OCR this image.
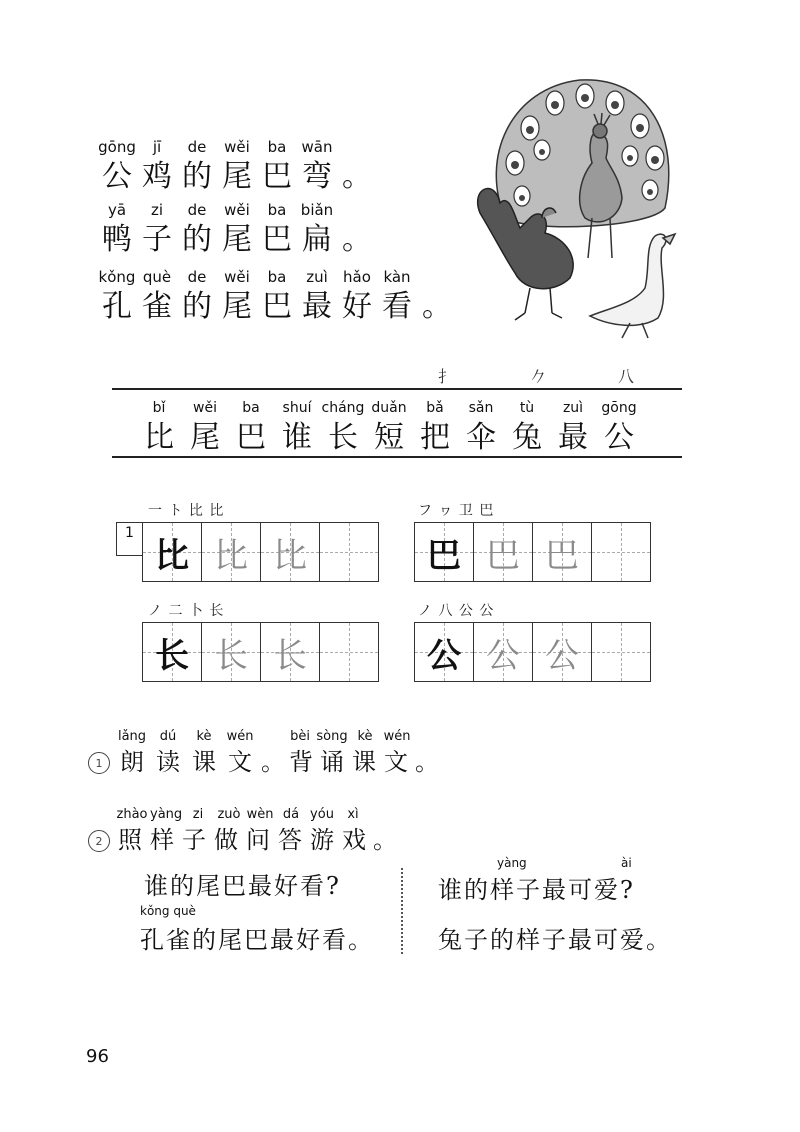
gōng	jī	de	wěi	ba	wān
公 鸡 的 尾 巴 弯 。
yā	zi	de	wěi	ba biǎn
鸭 子 的 尾 巴 扁 。
kǒng què	de	wěi	ba	zuì	hǎo kàn
孔 雀 的 尾 巴 最 好 看 。
扌	𠂊	八
bǐ
比
wěi
尾
ba
巴
shuí
谁
cháng
长
duǎn
短
bǎ
把
sǎn
伞
tù
兔
zuì
最
gōng
公
一 ト 比 比
1
比 比 比
フ ヮ 卫 巴
巴 巴 巴
ノ 二 卜 长
长 长 长
ノ 八 公 公
公 公 公
1
lǎng	dú	kè	wén
朗 读 课 文 。
bèi sòng kè wén
背 诵 课 文 。
2
zhào yàng zi	zuò wèn dá yóu	xì
照 样 子 做 问 答 游 戏 。
谁的尾巴最好看?
kǒng què
孔雀的尾巴最好看。
yàng	ài
谁的样子最可爱?
兔子的样子最可爱。
96
